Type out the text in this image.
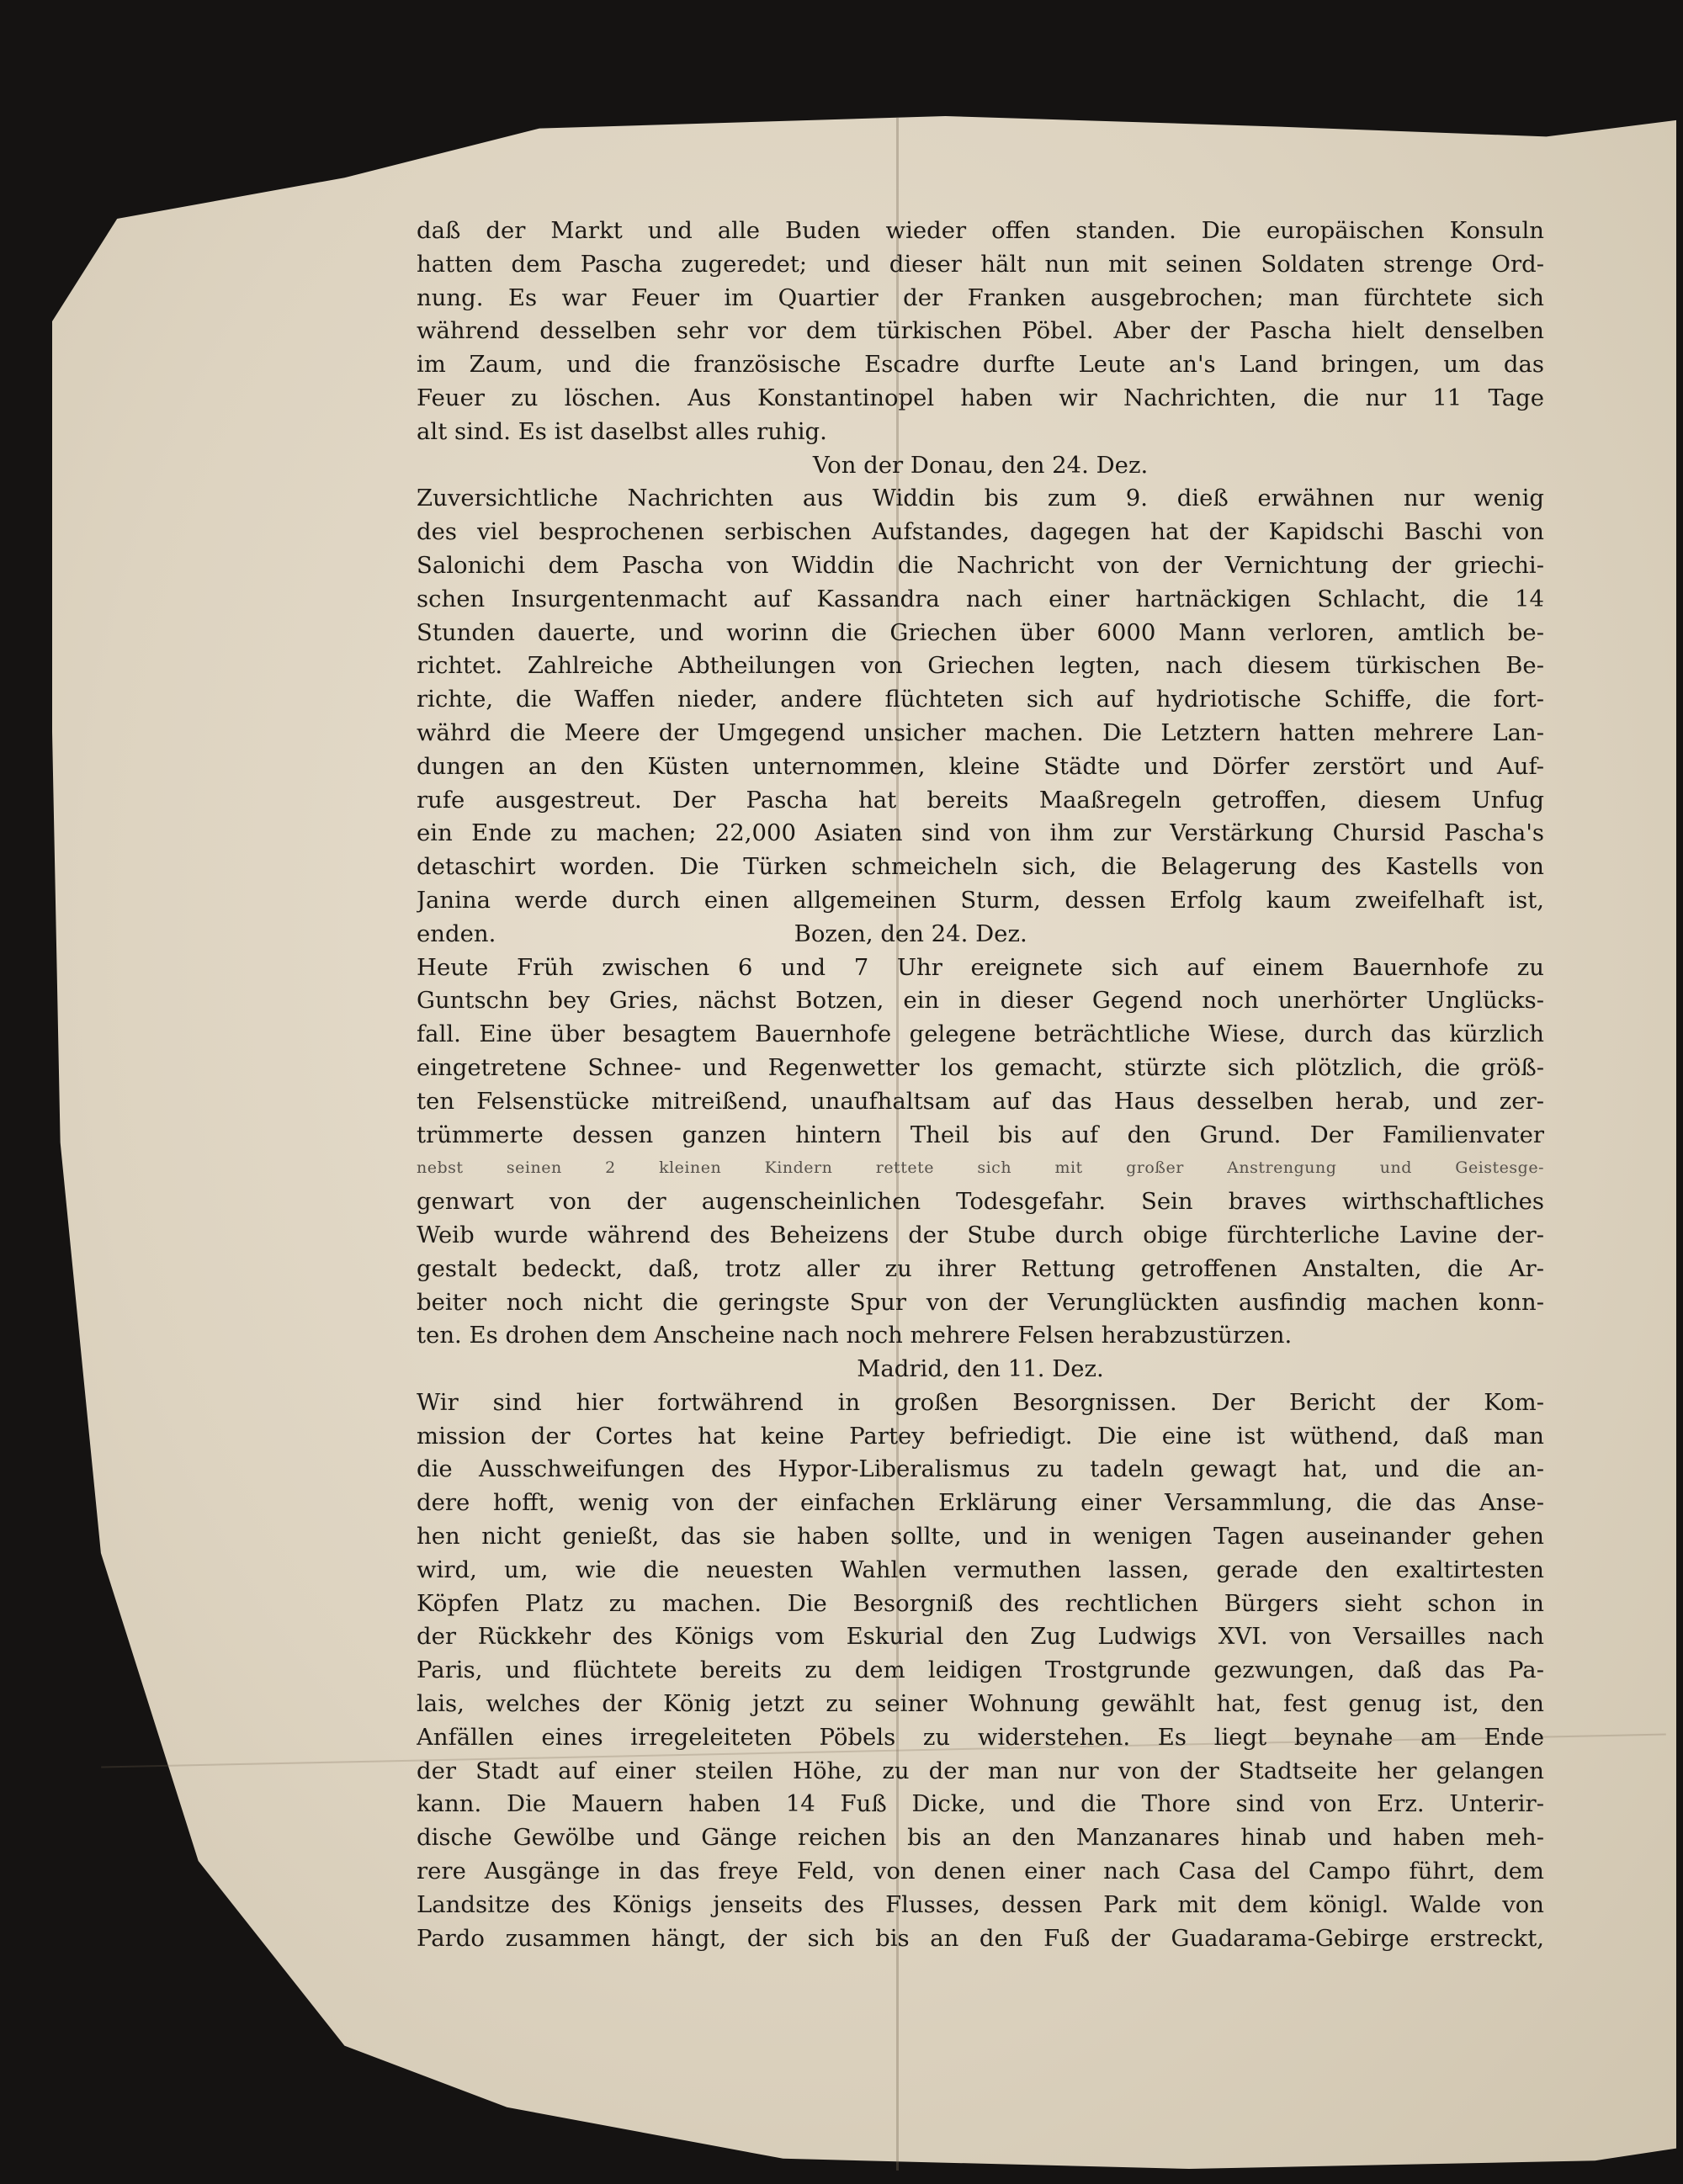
daß der Markt und alle Buden wieder offen standen. Die europäischen Konsuln
hatten dem Pascha zugeredet; und dieser hält nun mit seinen Soldaten strenge Ord-
nung. Es war Feuer im Quartier der Franken ausgebrochen; man fürchtete sich
während desselben sehr vor dem türkischen Pöbel. Aber der Pascha hielt denselben
im Zaum, und die französische Escadre durfte Leute an's Land bringen, um das
Feuer zu löschen. Aus Konstantinopel haben wir Nachrichten, die nur 11 Tage
alt sind. Es ist daselbst alles ruhig.
Von der Donau, den 24. Dez.
Zuversichtliche Nachrichten aus Widdin bis zum 9. dieß erwähnen nur wenig
des viel besprochenen serbischen Aufstandes, dagegen hat der Kapidschi Baschi von
Salonichi dem Pascha von Widdin die Nachricht von der Vernichtung der griechi-
schen Insurgentenmacht auf Kassandra nach einer hartnäckigen Schlacht, die 14
Stunden dauerte, und worinn die Griechen über 6000 Mann verloren, amtlich be-
richtet. Zahlreiche Abtheilungen von Griechen legten, nach diesem türkischen Be-
richte, die Waffen nieder, andere flüchteten sich auf hydriotische Schiffe, die fort-
währd die Meere der Umgegend unsicher machen. Die Letztern hatten mehrere Lan-
dungen an den Küsten unternommen, kleine Städte und Dörfer zerstört und Auf-
rufe ausgestreut. Der Pascha hat bereits Maaßregeln getroffen, diesem Unfug
ein Ende zu machen; 22,000 Asiaten sind von ihm zur Verstärkung Chursid Pascha's
detaschirt worden. Die Türken schmeicheln sich, die Belagerung des Kastells von
Janina werde durch einen allgemeinen Sturm, dessen Erfolg kaum zweifelhaft ist,
enden.	Bozen, den 24. Dez.
Heute Früh zwischen 6 und 7 Uhr ereignete sich auf einem Bauernhofe zu
Guntschn bey Gries, nächst Botzen, ein in dieser Gegend noch unerhörter Unglücks-
fall. Eine über besagtem Bauernhofe gelegene beträchtliche Wiese, durch das kürzlich
eingetretene Schnee- und Regenwetter los gemacht, stürzte sich plötzlich, die größ-
ten Felsenstücke mitreißend, unaufhaltsam auf das Haus desselben herab, und zer-
trümmerte dessen ganzen hintern Theil bis auf den Grund. Der Familienvater
nebst seinen 2 kleinen Kindern rettete sich mit großer Anstrengung und Geistesge-
genwart von der augenscheinlichen Todesgefahr. Sein braves wirthschaftliches
Weib wurde während des Beheizens der Stube durch obige fürchterliche Lavine der-
gestalt bedeckt, daß, trotz aller zu ihrer Rettung getroffenen Anstalten, die Ar-
beiter noch nicht die geringste Spur von der Verunglückten ausfindig machen konn-
ten. Es drohen dem Anscheine nach noch mehrere Felsen herabzustürzen.
Madrid, den 11. Dez.
Wir sind hier fortwährend in großen Besorgnissen. Der Bericht der Kom-
mission der Cortes hat keine Partey befriedigt. Die eine ist wüthend, daß man
die Ausschweifungen des Hypor-Liberalismus zu tadeln gewagt hat, und die an-
dere hofft, wenig von der einfachen Erklärung einer Versammlung, die das Anse-
hen nicht genießt, das sie haben sollte, und in wenigen Tagen auseinander gehen
wird, um, wie die neuesten Wahlen vermuthen lassen, gerade den exaltirtesten
Köpfen Platz zu machen. Die Besorgniß des rechtlichen Bürgers sieht schon in
der Rückkehr des Königs vom Eskurial den Zug Ludwigs XVI. von Versailles nach
Paris, und flüchtete bereits zu dem leidigen Trostgrunde gezwungen, daß das Pa-
lais, welches der König jetzt zu seiner Wohnung gewählt hat, fest genug ist, den
Anfällen eines irregeleiteten Pöbels zu widerstehen. Es liegt beynahe am Ende
der Stadt auf einer steilen Höhe, zu der man nur von der Stadtseite her gelangen
kann. Die Mauern haben 14 Fuß Dicke, und die Thore sind von Erz. Unterir-
dische Gewölbe und Gänge reichen bis an den Manzanares hinab und haben meh-
rere Ausgänge in das freye Feld, von denen einer nach Casa del Campo führt, dem
Landsitze des Königs jenseits des Flusses, dessen Park mit dem königl. Walde von
Pardo zusammen hängt, der sich bis an den Fuß der Guadarama-Gebirge erstreckt,
